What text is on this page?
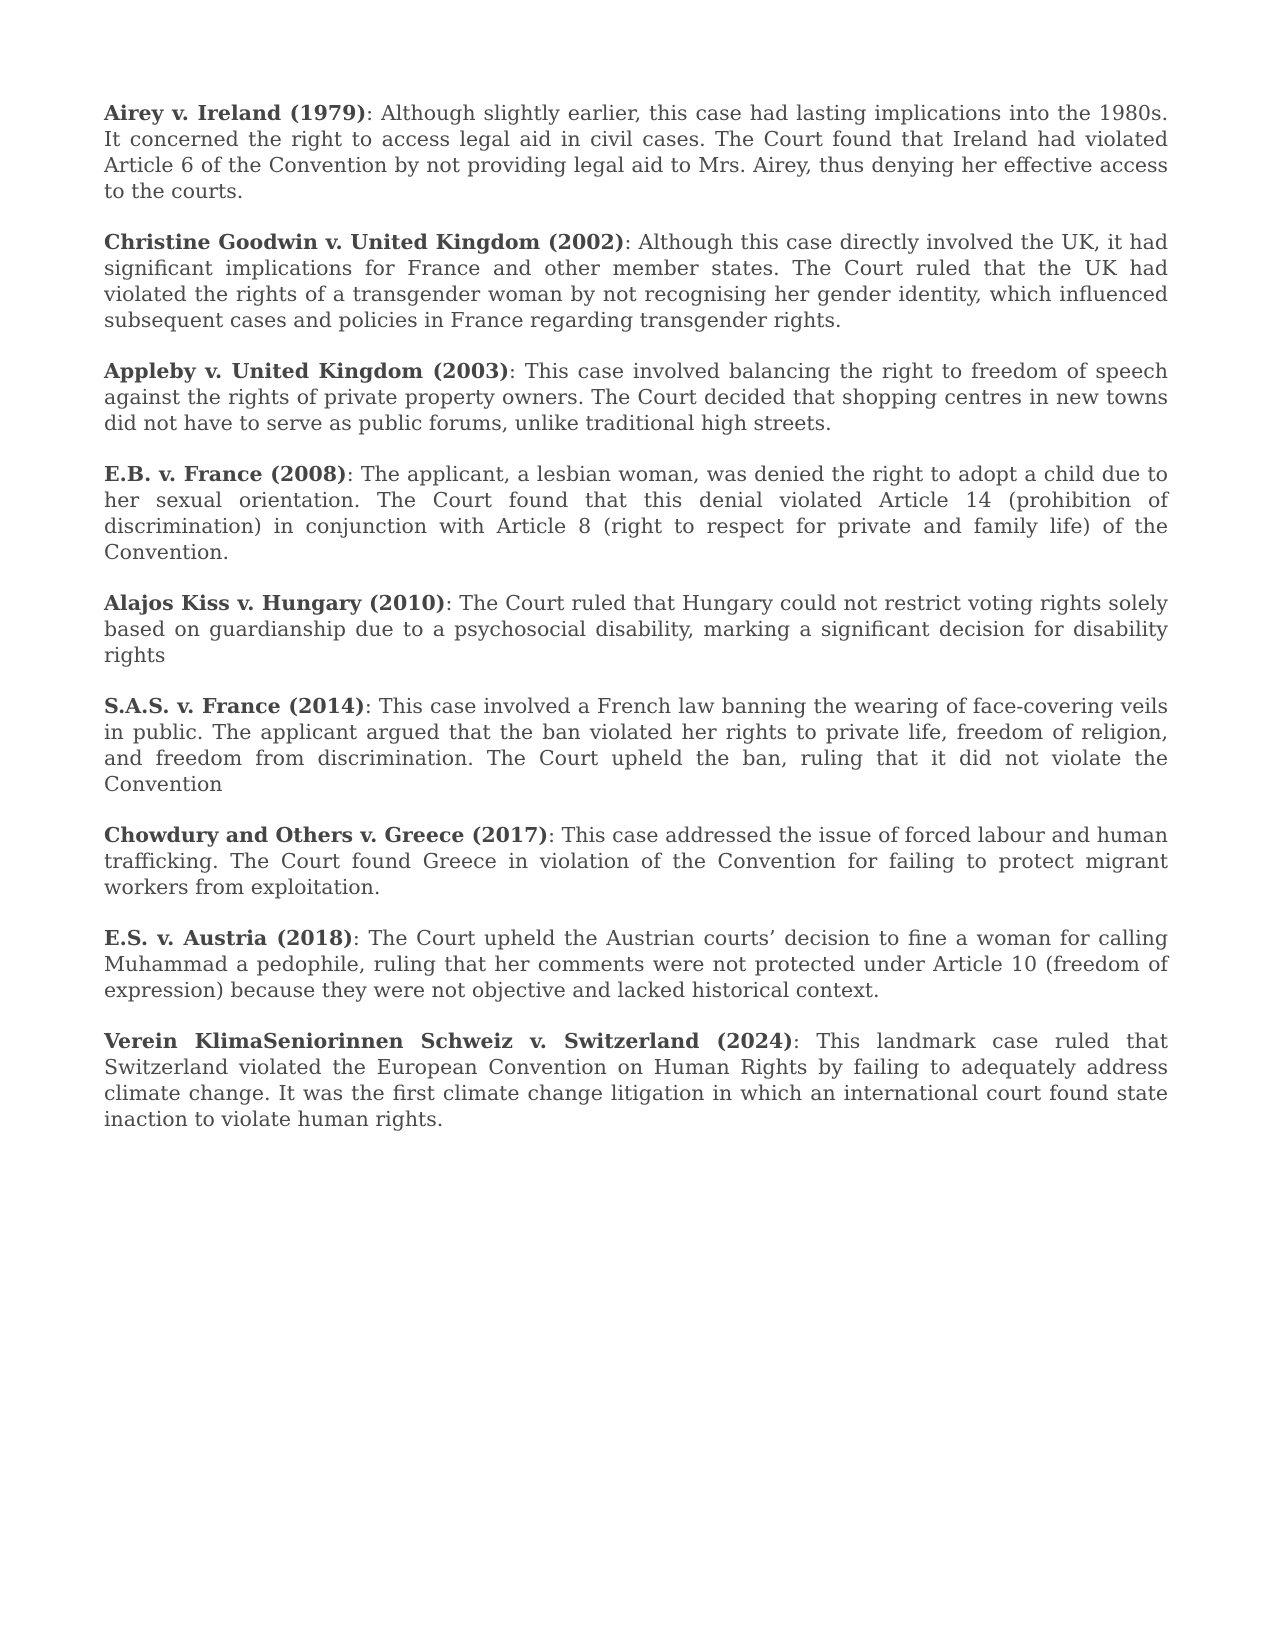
Airey v. Ireland (1979): Although slightly earlier, this case had lasting implications into the 1980s. It concerned the right to access legal aid in civil cases. The Court found that Ireland had violated Article 6 of the Convention by not providing legal aid to Mrs. Airey, thus denying her effective access to the courts.

Christine Goodwin v. United Kingdom (2002): Although this case directly involved the UK, it had significant implications for France and other member states. The Court ruled that the UK had violated the rights of a transgender woman by not recognising her gender identity, which influenced subsequent cases and policies in France regarding transgender rights.

Appleby v. United Kingdom (2003): This case involved balancing the right to freedom of speech against the rights of private property owners. The Court decided that shopping centres in new towns did not have to serve as public forums, unlike traditional high streets.

E.B. v. France (2008): The applicant, a lesbian woman, was denied the right to adopt a child due to her sexual orientation. The Court found that this denial violated Article 14 (prohibition of discrimination) in conjunction with Article 8 (right to respect for private and family life) of the Convention.

Alajos Kiss v. Hungary (2010): The Court ruled that Hungary could not restrict voting rights solely based on guardianship due to a psychosocial disability, marking a significant decision for disability rights

S.A.S. v. France (2014): This case involved a French law banning the wearing of face-covering veils in public. The applicant argued that the ban violated her rights to private life, freedom of religion, and freedom from discrimination. The Court upheld the ban, ruling that it did not violate the Convention

Chowdury and Others v. Greece (2017): This case addressed the issue of forced labour and human trafficking. The Court found Greece in violation of the Convention for failing to protect migrant workers from exploitation.

E.S. v. Austria (2018): The Court upheld the Austrian courts’ decision to fine a woman for calling Muhammad a pedophile, ruling that her comments were not protected under Article 10 (freedom of expression) because they were not objective and lacked historical context.

Verein KlimaSeniorinnen Schweiz v. Switzerland (2024): This landmark case ruled that Switzerland violated the European Convention on Human Rights by failing to adequately address climate change. It was the first climate change litigation in which an international court found state inaction to violate human rights.
